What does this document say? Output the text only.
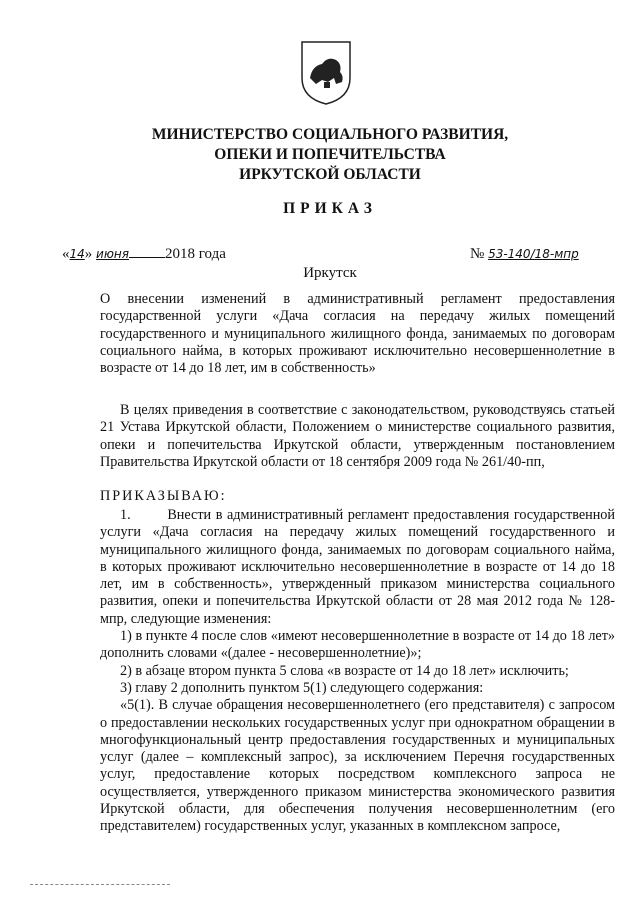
МИНИСТЕРСТВО СОЦИАЛЬНОГО РАЗВИТИЯ,
ОПЕКИ И ПОПЕЧИТЕЛЬСТВА
ИРКУТСКОЙ ОБЛАСТИ
ПРИКАЗ
«14» июня 2018 года	№ 53-140/18-мпр
Иркутск
О внесении изменений в административный регламент предоставления государственной услуги «Дача согласия на передачу жилых помещений государственного и муниципального жилищного фонда, занимаемых по договорам социального найма, в которых проживают исключительно несовершеннолетние в возрасте от 14 до 18 лет, им в собственность»
В целях приведения в соответствие с законодательством, руководствуясь статьей 21 Устава Иркутской области, Положением о министерстве социального развития, опеки и попечительства Иркутской области, утвержденным постановлением Правительства Иркутской области от 18 сентября 2009 года № 261/40-пп,
ПРИКАЗЫВАЮ:
1.        Внести в административный регламент предоставления государственной услуги «Дача согласия на передачу жилых помещений государственного и муниципального жилищного фонда, занимаемых по договорам социального найма, в которых проживают исключительно несовершеннолетние в возрасте от 14 до 18 лет, им в собственность», утвержденный приказом министерства социального развития, опеки и попечительства Иркутской области от 28 мая 2012 года № 128-мпр, следующие изменения:
1) в пункте 4 после слов «имеют несовершеннолетние в возрасте от 14 до 18 лет» дополнить словами «(далее - несовершеннолетние)»;
2) в абзаце втором пункта 5 слова «в возрасте от 14 до 18 лет» исключить;
3) главу 2 дополнить пунктом 5(1) следующего содержания:
«5(1). В случае обращения несовершеннолетнего (его представителя) с запросом о предоставлении нескольких государственных услуг при однократном обращении в многофункциональный центр предоставления государственных и муниципальных услуг (далее – комплексный запрос), за исключением Перечня государственных услуг, предоставление которых посредством комплексного запроса не осуществляется, утвержденного приказом министерства экономического развития Иркутской области, для обеспечения получения несовершеннолетним (его представителем) государственных услуг, указанных в комплексном запросе,
